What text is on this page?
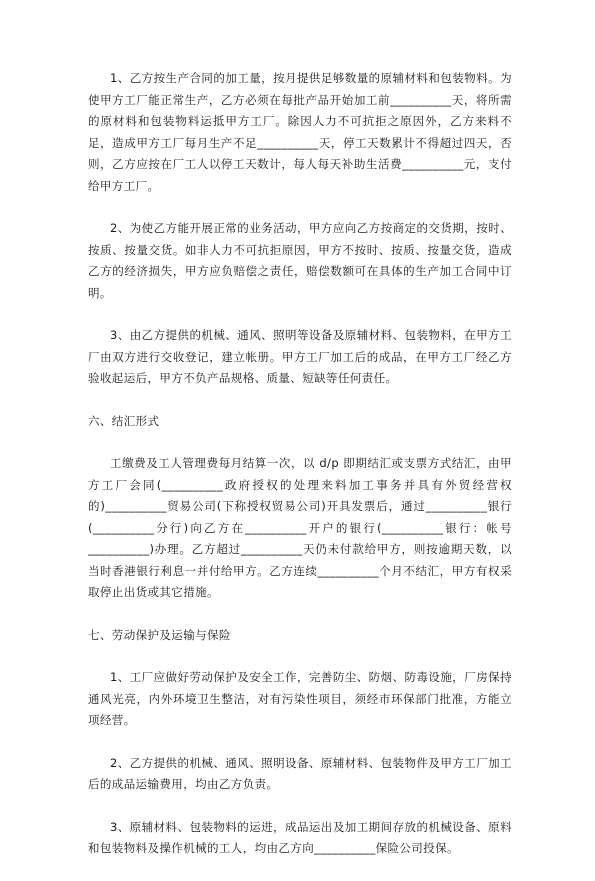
1、乙方按生产合同的加工量，按月提供足够数量的原辅材料和包装物料。为使甲方工厂能正常生产，乙方必须在每批产品开始加工前__________天，将所需的原材料和包装物料运抵甲方工厂。除因人力不可抗拒之原因外，乙方来料不足，造成甲方工厂每月生产不足__________天，停工天数累计不得超过四天，否则，乙方应按在厂工人以停工天数计，每人每天补助生活费__________元，支付给甲方工厂。

2、为使乙方能开展正常的业务活动，甲方应向乙方按商定的交货期，按时、按质、按量交货。如非人力不可抗拒原因，甲方不按时、按质、按量交货，造成乙方的经济损失，甲方应负赔偿之责任，赔偿数额可在具体的生产加工合同中订明。

3、由乙方提供的机械、通风、照明等设备及原辅材料、包装物料，在甲方工厂由双方进行交收登记，建立帐册。甲方工厂加工后的成品，在甲方工厂经乙方验收起运后，甲方不负产品规格、质量、短缺等任何责任。

六、结汇形式

工缴费及工人管理费每月结算一次，以 d/p 即期结汇或支票方式结汇，由甲方工厂会同(__________政府授权的处理来料加工事务并具有外贸经营权的)__________贸易公司(下称授权贸易公司)开具发票后，通过__________银行(__________分行)向乙方在__________开户的银行(__________银行：帐号__________)办理。乙方超过__________天仍未付款给甲方，则按逾期天数，以当时香港银行利息一并付给甲方。乙方连续__________个月不结汇，甲方有权采取停止出货或其它措施。

七、劳动保护及运输与保险

1、工厂应做好劳动保护及安全工作，完善防尘、防烟、防毒设施，厂房保持通风光亮，内外环境卫生整洁，对有污染性项目，须经市环保部门批准，方能立项经营。

2、乙方提供的机械、通风、照明设备、原辅材料、包装物件及甲方工厂加工后的成品运输费用，均由乙方负责。

3、原辅材料、包装物料的运进，成品运出及加工期间存放的机械设备、原料和包装物料及操作机械的工人，均由乙方向__________保险公司投保。
